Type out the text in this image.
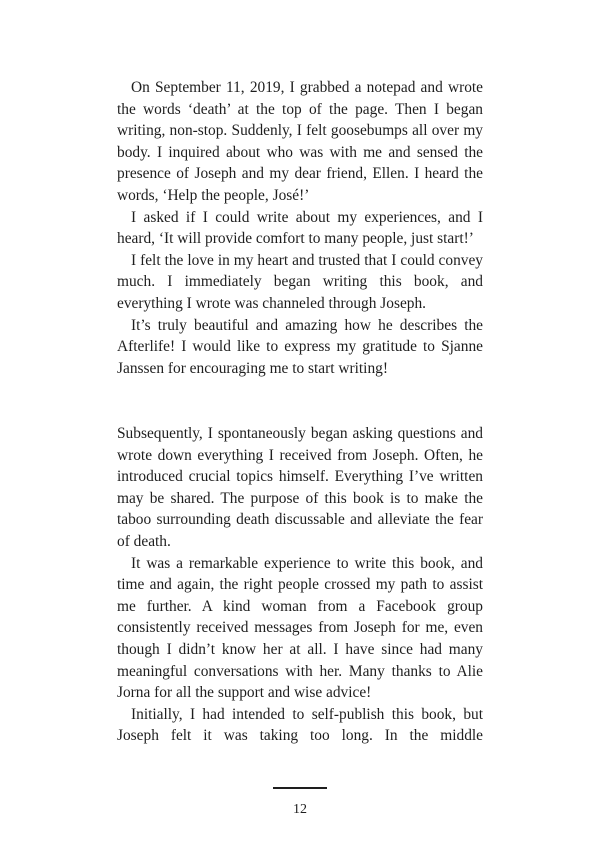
On September 11, 2019, I grabbed a notepad and wrote the words ‘death’ at the top of the page. Then I began writing, non-stop. Suddenly, I felt goosebumps all over my body. I inquired about who was with me and sensed the presence of Joseph and my dear friend, Ellen. I heard the words, ‘Help the people, José!’

I asked if I could write about my experiences, and I heard, ‘It will provide comfort to many people, just start!’

I felt the love in my heart and trusted that I could convey much. I immediately began writing this book, and everything I wrote was channeled through Joseph.

It’s truly beautiful and amazing how he describes the Afterlife! I would like to express my gratitude to Sjanne Janssen for encouraging me to start writing!

Subsequently, I spontaneously began asking questions and wrote down everything I received from Joseph. Often, he introduced crucial topics himself. Everything I’ve written may be shared. The purpose of this book is to make the taboo surrounding death discussable and alleviate the fear of death.

It was a remarkable experience to write this book, and time and again, the right people crossed my path to assist me further. A kind woman from a Facebook group consistently received messages from Joseph for me, even though I didn’t know her at all. I have since had many meaningful conversations with her. Many thanks to Alie Jorna for all the support and wise advice!

Initially, I had intended to self-publish this book, but Joseph felt it was taking too long. In the middle

12
